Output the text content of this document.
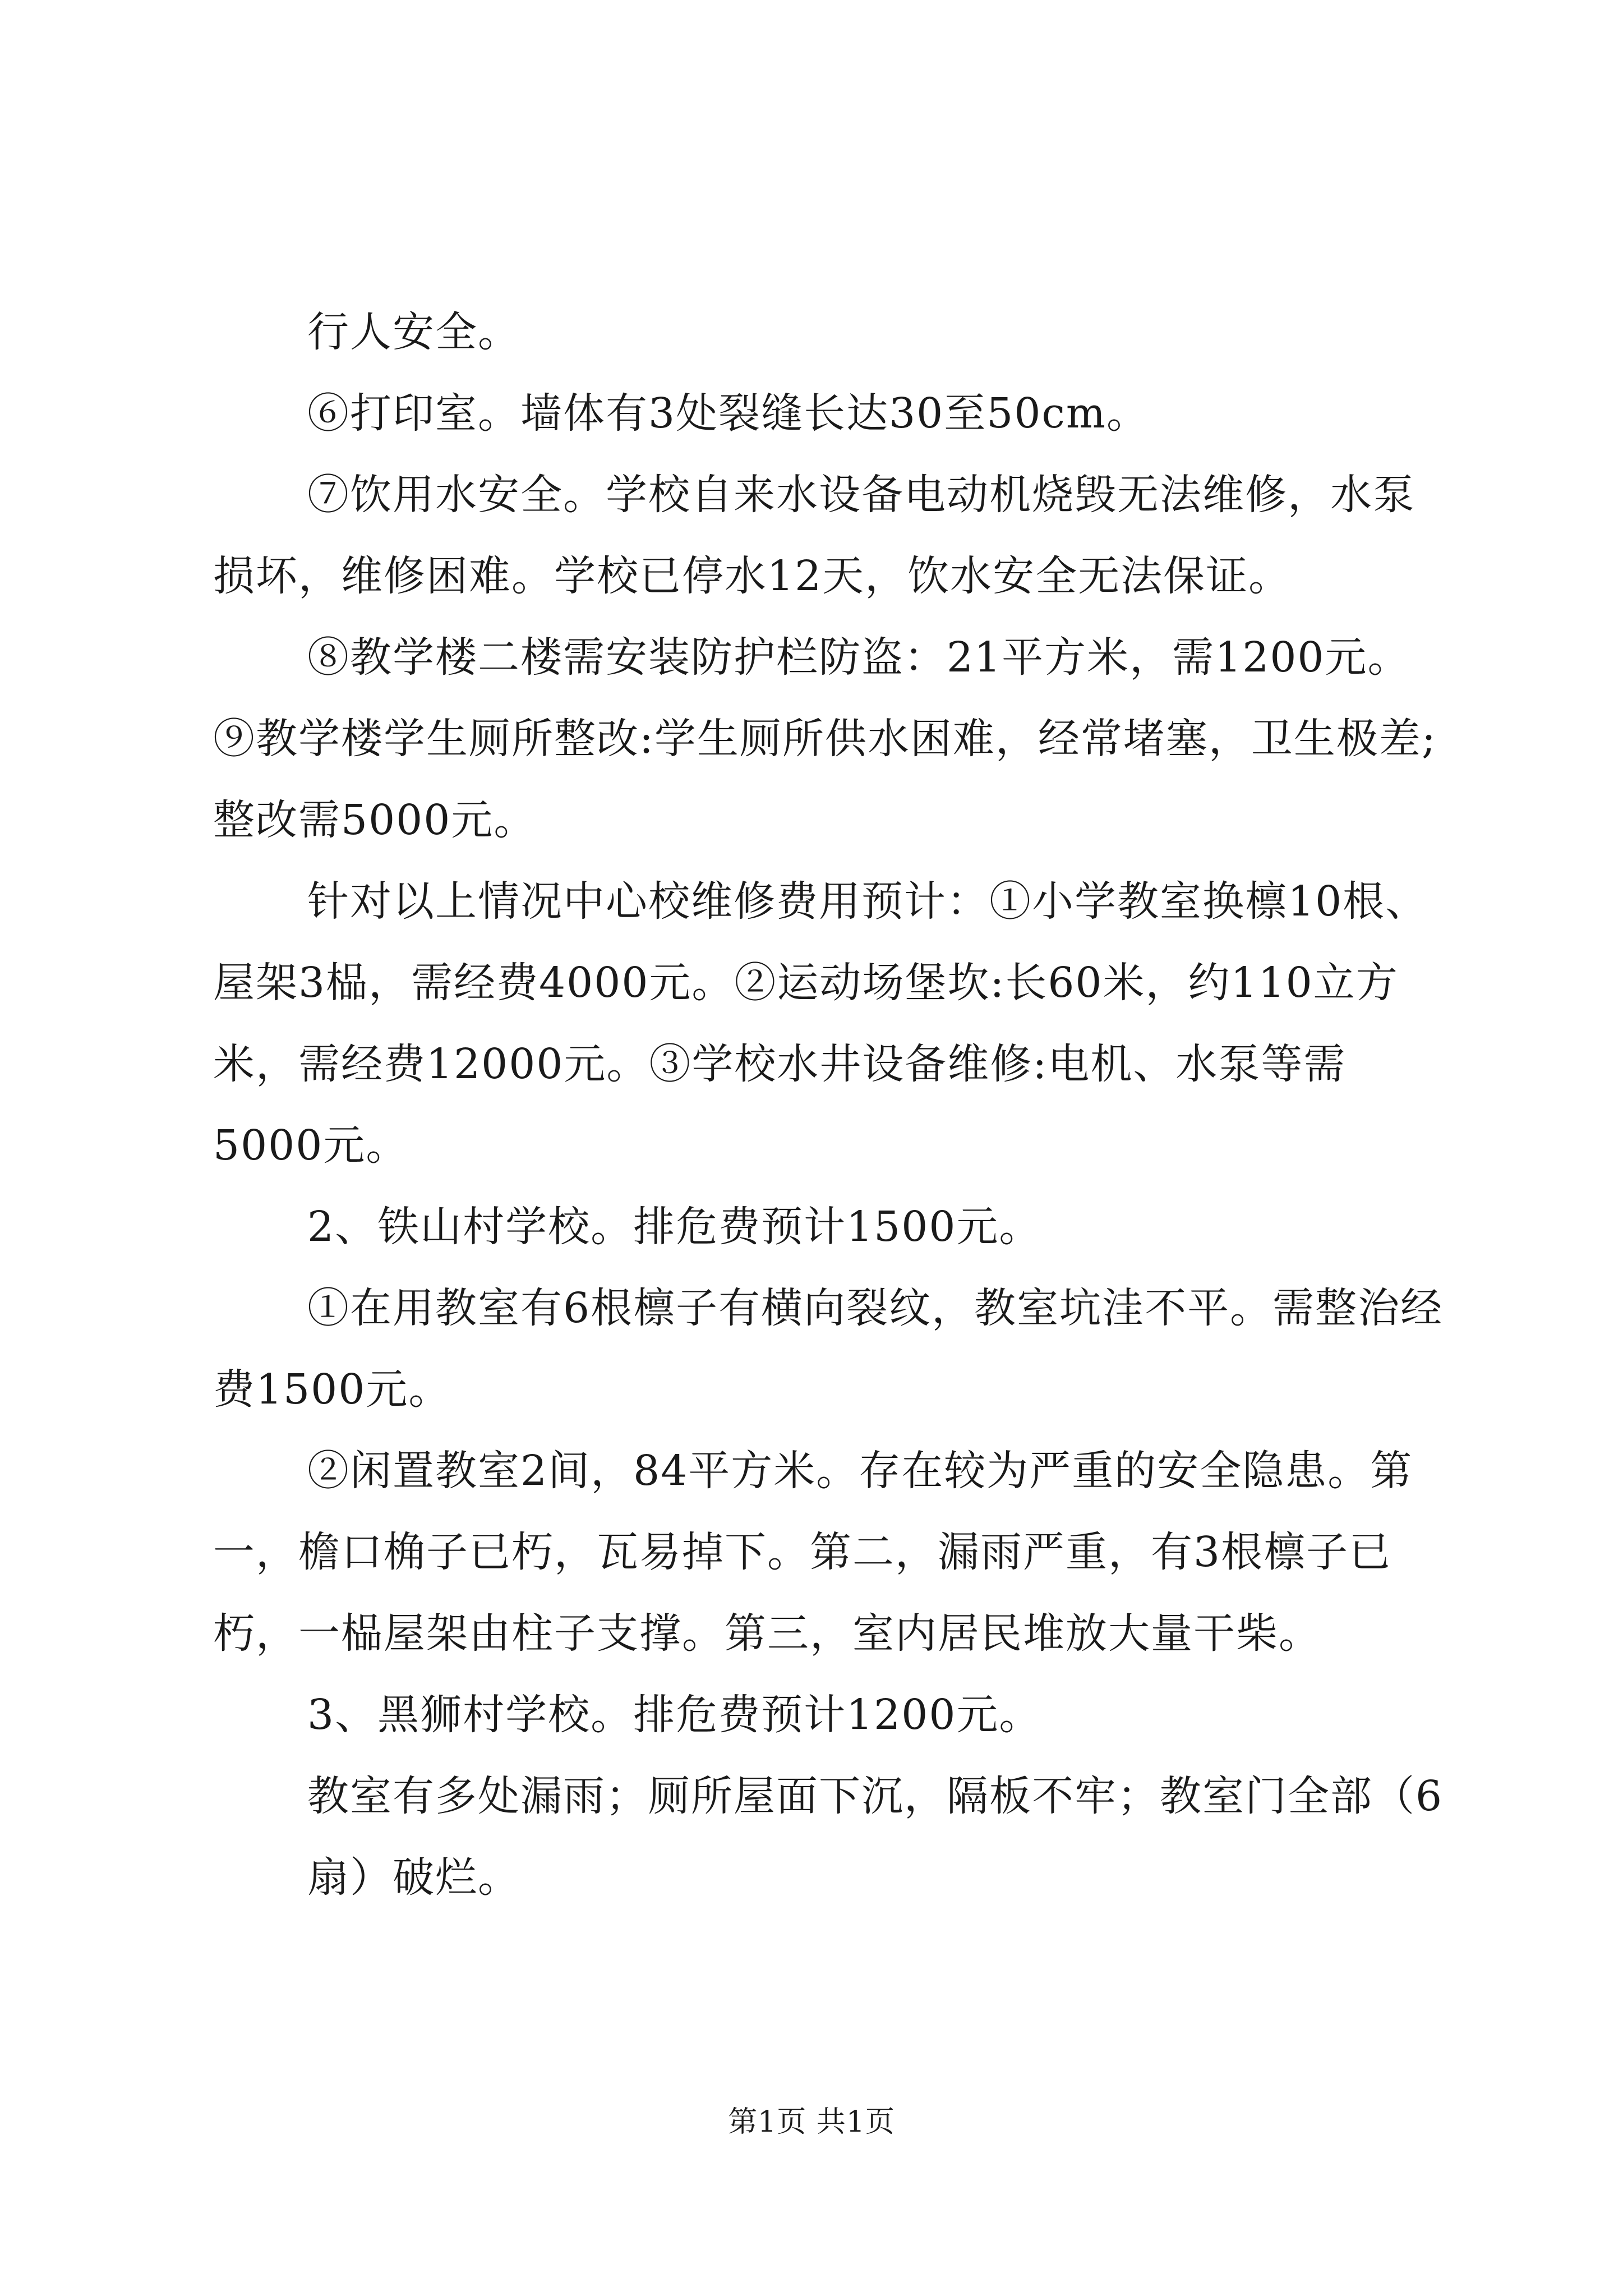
行人安全。

⑥打印室。墙体有3处裂缝长达30至50cm。

⑦饮用水安全。学校自来水设备电动机烧毁无法维修，水泵损坏，维修困难。学校已停水12天，饮水安全无法保证。

⑧教学楼二楼需安装防护栏防盗：21平方米，需1200元。⑨教学楼学生厕所整改:学生厕所供水困难，经常堵塞，卫生极差;整改需5000元。

针对以上情况中心校维修费用预计：①小学教室换檩10根、屋架3榀，需经费4000元。②运动场堡坎:长60米，约110立方米，需经费12000元。③学校水井设备维修:电机、水泵等需5000元。

2、铁山村学校。排危费预计1500元。

①在用教室有6根檩子有横向裂纹，教室坑洼不平。需整治经费1500元。

②闲置教室2间，84平方米。存在较为严重的安全隐患。第一，檐口桷子已朽，瓦易掉下。第二，漏雨严重，有3根檩子已朽，一榀屋架由柱子支撑。第三，室内居民堆放大量干柴。

3、黑狮村学校。排危费预计1200元。

教室有多处漏雨；厕所屋面下沉，隔板不牢；教室门全部（6

扇）破烂。

第1页 共1页
